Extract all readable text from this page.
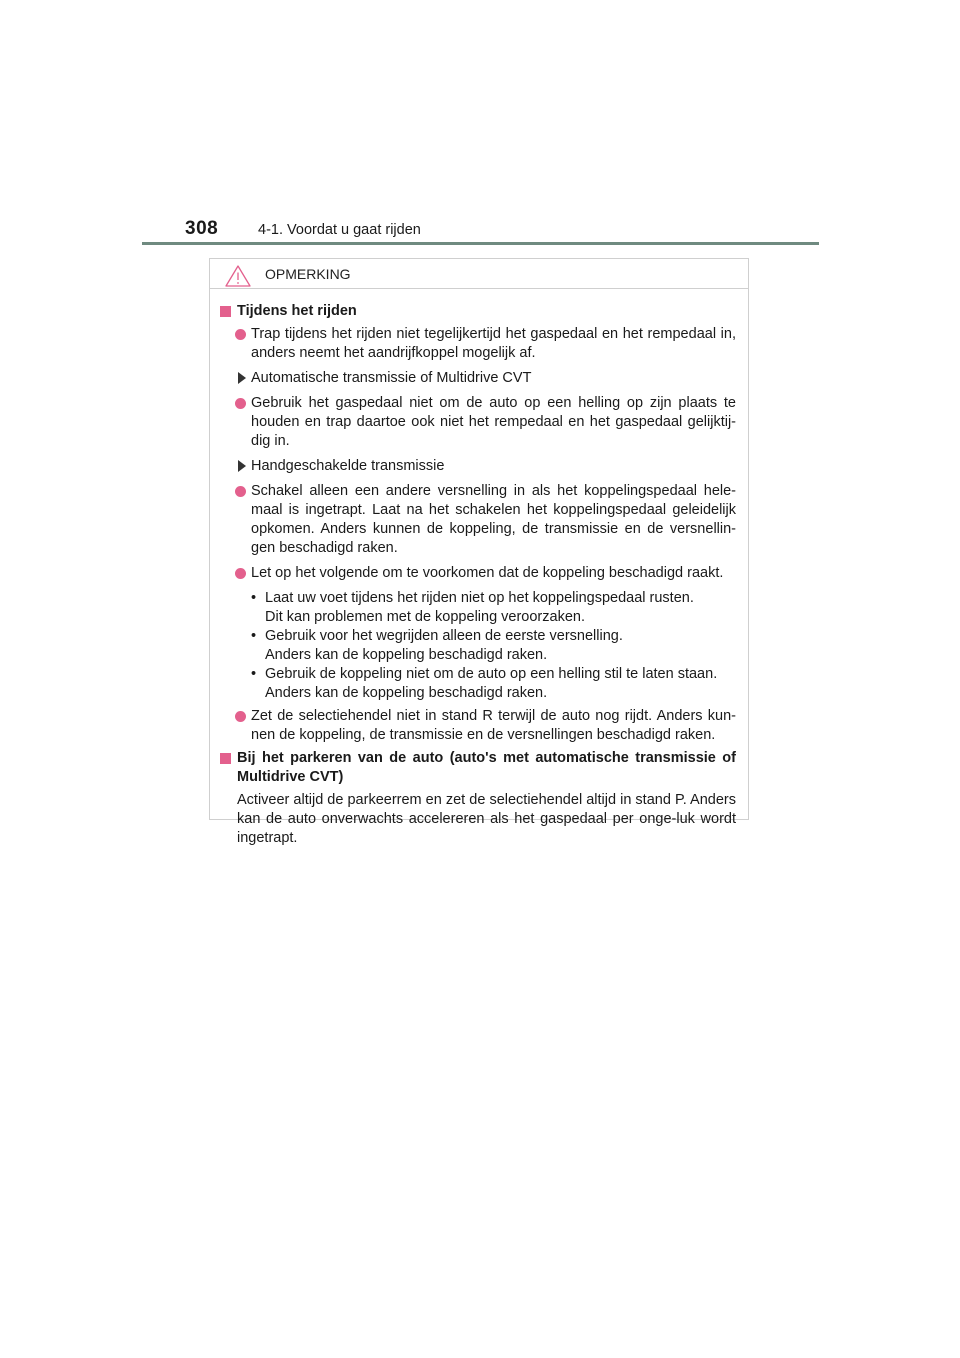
308	4-1. Voordat u gaat rijden
OPMERKING
Tijdens het rijden
Trap tijdens het rijden niet tegelijkertijd het gaspedaal en het rempedaal in, anders neemt het aandrijfkoppel mogelijk af.
Automatische transmissie of Multidrive CVT
Gebruik het gaspedaal niet om de auto op een helling op zijn plaats te houden en trap daartoe ook niet het rempedaal en het gaspedaal gelijktij-dig in.
Handgeschakelde transmissie
Schakel alleen een andere versnelling in als het koppelingspedaal hele-maal is ingetrapt. Laat na het schakelen het koppelingspedaal geleidelijk opkomen. Anders kunnen de koppeling, de transmissie en de versnellin-gen beschadigd raken.
Let op het volgende om te voorkomen dat de koppeling beschadigd raakt.
• Laat uw voet tijdens het rijden niet op het koppelingspedaal rusten.
Dit kan problemen met de koppeling veroorzaken.
• Gebruik voor het wegrijden alleen de eerste versnelling.
Anders kan de koppeling beschadigd raken.
• Gebruik de koppeling niet om de auto op een helling stil te laten staan.
Anders kan de koppeling beschadigd raken.
Zet de selectiehendel niet in stand R terwijl de auto nog rijdt. Anders kun-nen de koppeling, de transmissie en de versnellingen beschadigd raken.
Bij het parkeren van de auto (auto's met automatische transmissie of Multidrive CVT)
Activeer altijd de parkeerrem en zet de selectiehendel altijd in stand P. Anders kan de auto onverwachts accelereren als het gaspedaal per onge-luk wordt ingetrapt.
